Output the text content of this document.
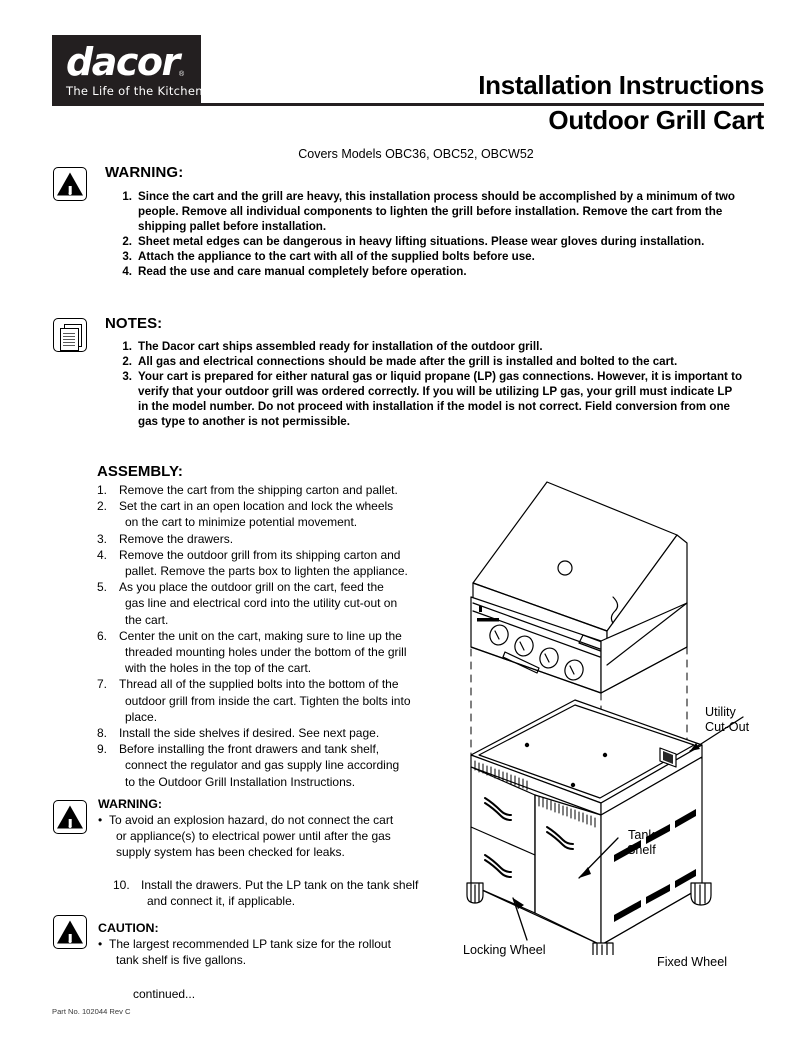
dacor ®
The Life of the Kitchen®	Installation Instructions
Outdoor Grill Cart
Covers Models OBC36, OBC52, OBCW52
WARNING:
1. Since the cart and the grill are heavy, this installation process should be accomplished by a minimum of two people. Remove all individual components to lighten the grill before installation. Remove the cart from the shipping pallet before installation.
2. Sheet metal edges can be dangerous in heavy lifting situations. Please wear gloves during installation.
3. Attach the appliance to the cart with all of the supplied bolts before use.
4. Read the use and care manual completely before operation.
NOTES:
1. The Dacor cart ships assembled ready for installation of the outdoor grill.
2. All gas and electrical connections should be made after the grill is installed and bolted to the cart.
3. Your cart is prepared for either natural gas or liquid propane (LP) gas connections. However, it is important to verify that your outdoor grill was ordered correctly. If you will be utilizing LP gas, your grill must indicate LP in the model number. Do not proceed with installation if the model is not correct. Field conversion from one gas type to another is not permissible.
ASSEMBLY:
1. Remove the cart from the shipping carton and pallet.
2. Set the cart in an open location and lock the wheels
on the cart to minimize potential movement.
3. Remove the drawers.
4. Remove the outdoor grill from its shipping carton and
pallet. Remove the parts box to lighten the appliance.
5. As you place the outdoor grill on the cart, feed the
gas line and electrical cord into the utility cut-out on
the cart.
6. Center the unit on the cart, making sure to line up the
threaded mounting holes under the bottom of the grill
with the holes in the top of the cart.
7. Thread all of the supplied bolts into the bottom of the
outdoor grill from inside the cart. Tighten the bolts into
place.
8. Install the side shelves if desired. See next page.
9. Before installing the front drawers and tank shelf,
connect the regulator and gas supply line according
to the Outdoor Grill Installation Instructions.
WARNING:
• To avoid an explosion hazard, do not connect the cart
or appliance(s) to electrical power until after the gas
supply system has been checked for leaks.
10. Install the drawers. Put the LP tank on the tank shelf
and connect it, if applicable.
CAUTION:
• The largest recommended LP tank size for the rollout
tank shelf is five gallons.
continued...
Part No. 102044 Rev C
Utility
Cut-Out
Tank
Shelf
Locking Wheel
Fixed Wheel
